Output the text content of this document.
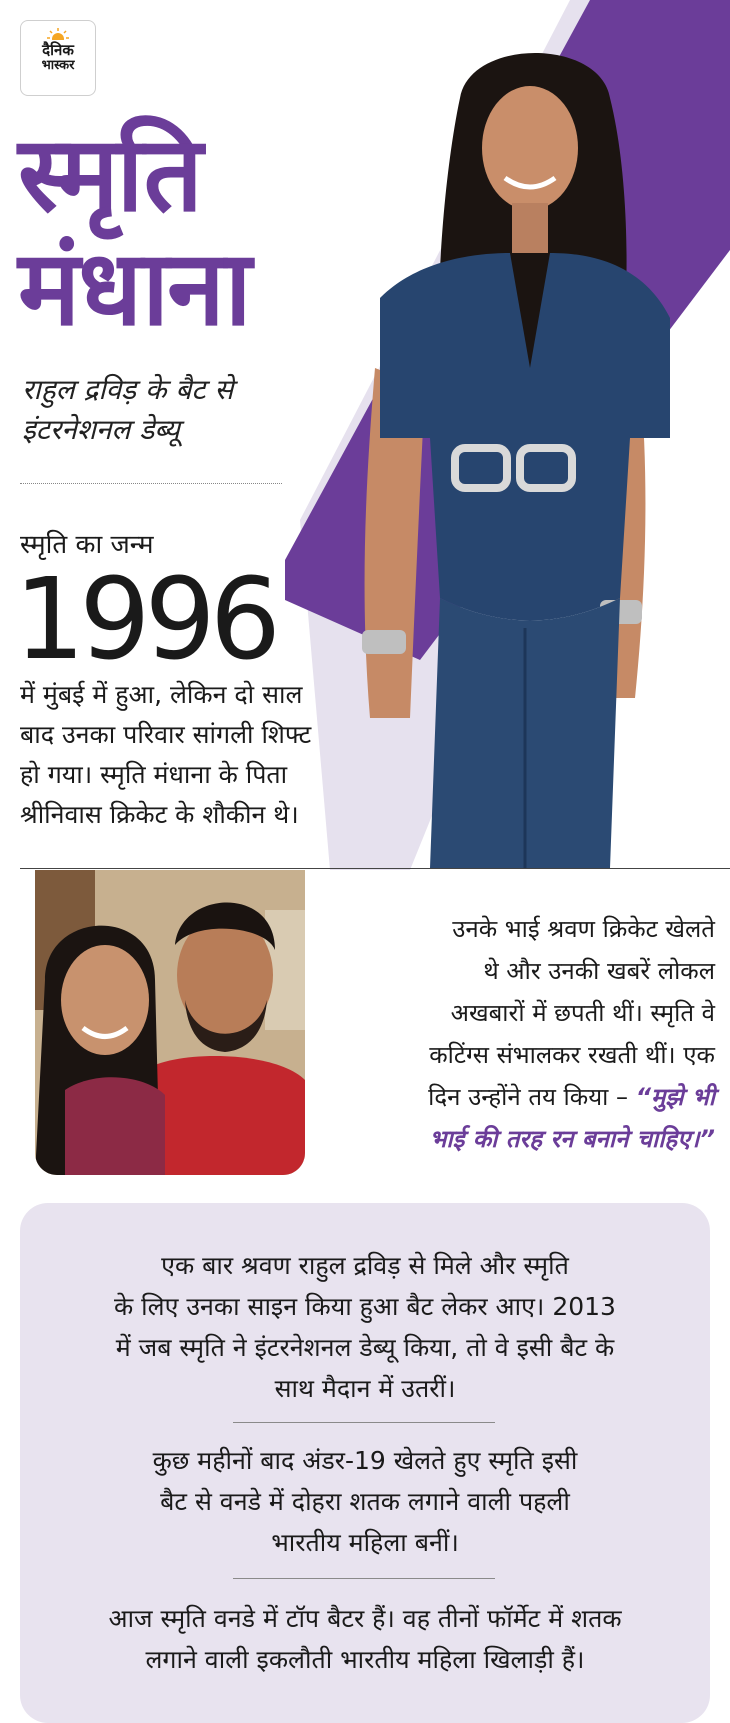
दैनिक
भास्कर
स्मृति
मंधाना
राहुल द्रविड़ के बैट से
इंटरनेशनल डेब्यू
स्मृति का जन्म
1996
में मुंबई में हुआ, लेकिन दो साल
बाद उनका परिवार सांगली शिफ्ट
हो गया। स्मृति मंधाना के पिता
श्रीनिवास क्रिकेट के शौकीन थे।
उनके भाई श्रवण क्रिकेट खेलते
थे और उनकी खबरें लोकल
अखबारों में छपती थीं। स्मृति वे
कटिंग्स संभालकर रखती थीं। एक
दिन उन्होंने तय किया – “मुझे भी
भाई की तरह रन बनाने चाहिए।”
एक बार श्रवण राहुल द्रविड़ से मिले और स्मृति
के लिए उनका साइन किया हुआ बैट लेकर आए। 2013
में जब स्मृति ने इंटरनेशनल डेब्यू किया, तो वे इसी बैट के
साथ मैदान में उतरीं।
कुछ महीनों बाद अंडर-19 खेलते हुए स्मृति इसी
बैट से वनडे में दोहरा शतक लगाने वाली पहली
भारतीय महिला बनीं।
आज स्मृति वनडे में टॉप बैटर हैं। वह तीनों फॉर्मेट में शतक
लगाने वाली इकलौती भारतीय महिला खिलाड़ी हैं।
